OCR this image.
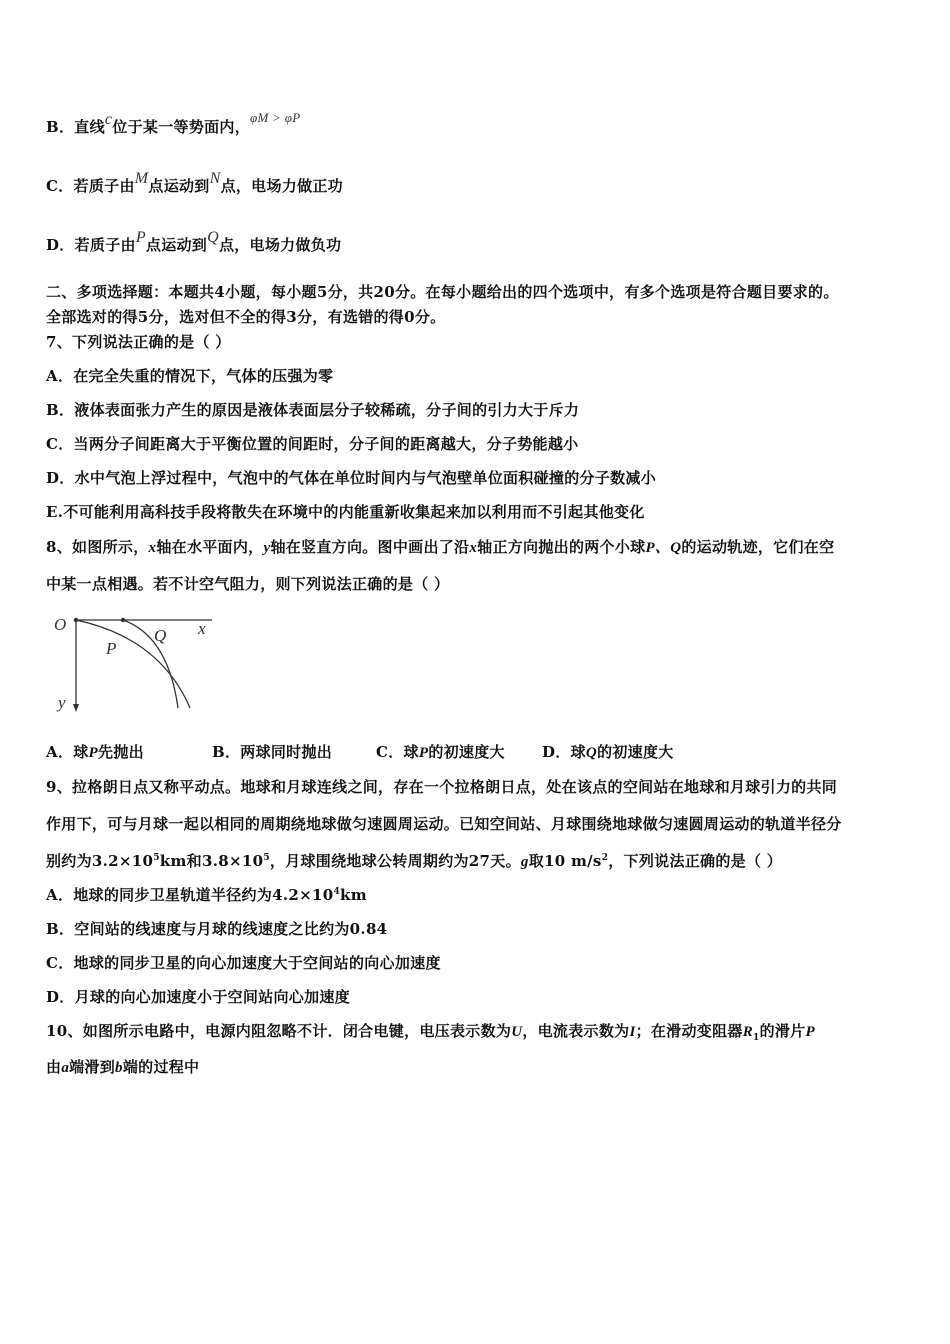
B．直线c位于某一等势面内，φM > φP
C．若质子由M点运动到N点，电场力做正功
D．若质子由P点运动到Q点，电场力做负功
二、多项选择题：本题共4小题，每小题5分，共20分。在每小题给出的四个选项中，有多个选项是符合题目要求的。
全部选对的得5分，选对但不全的得3分，有选错的得0分。
7、下列说法正确的是（ ）
A．在完全失重的情况下，气体的压强为零
B．液体表面张力产生的原因是液体表面层分子较稀疏，分子间的引力大于斥力
C．当两分子间距离大于平衡位置的间距时，分子间的距离越大，分子势能越小
D．水中气泡上浮过程中，气泡中的气体在单位时间内与气泡壁单位面积碰撞的分子数减小
E.不可能利用高科技手段将散失在环境中的内能重新收集起来加以利用而不引起其他变化
8、如图所示，x轴在水平面内，y轴在竖直方向。图中画出了沿x轴正方向抛出的两个小球P、Q的运动轨迹，它们在空
中某一点相遇。若不计空气阻力，则下列说法正确的是（ ）
O	x
y
P
Q
A．球P先抛出	B．两球同时抛出	C．球P的初速度大 D．球Q的初速度大
9、拉格朗日点又称平动点。地球和月球连线之间，存在一个拉格朗日点，处在该点的空间站在地球和月球引力的共同
作用下，可与月球一起以相同的周期绕地球做匀速圆周运动。已知空间站、月球围绕地球做匀速圆周运动的轨道半径分
别约为$3.2\times 10^5km$和$3.8\times 10^5$，月球围绕地球公转周期约为27天。g取10 $m/s^2$，下列说法正确的是（ ）
A．地球的同步卫星轨道半径约为$4.2\times 10^4km$
B．空间站的线速度与月球的线速度之比约为0.84
C．地球的同步卫星的向心加速度大于空间站的向心加速度
D．月球的向心加速度小于空间站向心加速度
10、如图所示电路中，电源内阻忽略不计．闭合电键，电压表示数为U，电流表示数为I；在滑动变阻器$R_1$的滑片P
由a端滑到b端的过程中
